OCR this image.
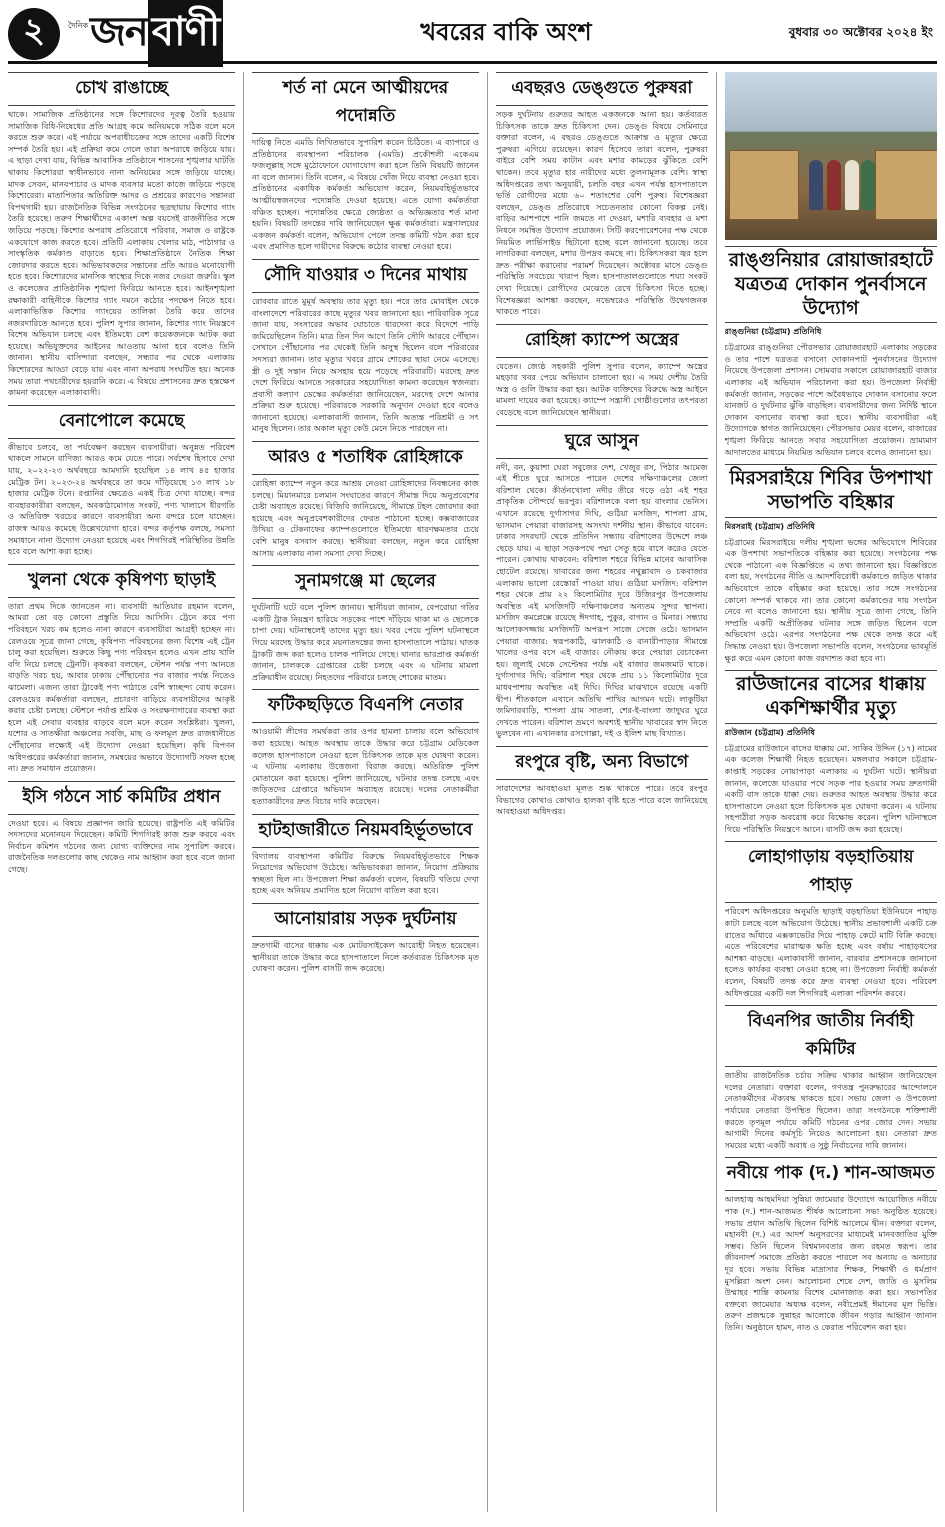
২	দৈনিক জন বাণী	খবরের বাকি অংশ	বুধবার ৩০ অক্টোবর ২০২৪ ইং
চোখ রাঙাচ্ছে
থাকে। সামাজিক প্রতিষ্ঠানের সঙ্গে কিশোরদের দূরত্ব তৈরি হওয়ায় সামাজিক বিধি-নিষেধের প্রতি আগ্রহ কমে অনিয়মকে সঠিক বলে মনে করতে শুরু করে। এই পর্যায়ে অপরাধীচক্রের সঙ্গে তাদের একটি বিশেষ সম্পর্ক তৈরি হয়। এই প্রক্রিয়া কমে গেলে তারা অপরাধে জড়িয়ে যায়। এ ছাড়া দেখা যায়, বিভিন্ন আবাসিক প্রতিষ্ঠানে শাসনের শৃঙ্খলার ঘাটতি থাকায় কিশোররা স্বাধীনভাবে নানা অনিয়মের সঙ্গে জড়িয়ে যাচ্ছে। মাদক সেবন, মানবপাচার ও মাদক ব্যবসার মতো কাজে জড়িয়ে পড়ছে কিশোরেরা। মাতাপিতার অতিরিক্ত আদর ও প্রশ্রয়ের কারণেও সন্তানরা বিপথগামী হয়। রাজনৈতিক বিভিন্ন সংগঠনের ছত্রছায়ায় কিশোর গ্যাং তৈরি হয়েছে। তরুণ শিক্ষার্থীদের একাংশ অল্প বয়সেই রাজনীতির সঙ্গে জড়িয়ে পড়ছে। কিশোর অপরাধ প্রতিরোধে পরিবার, সমাজ ও রাষ্ট্রকে একযোগে কাজ করতে হবে। প্রতিটি এলাকায় খেলার মাঠ, পাঠাগার ও সাংস্কৃতিক কর্মকাণ্ড বাড়াতে হবে। শিক্ষাপ্রতিষ্ঠানে নৈতিক শিক্ষা জোরদার করতে হবে। অভিভাবকদের সন্তানের প্রতি আরও মনোযোগী হতে হবে। কিশোরদের মানসিক স্বাস্থ্যের দিকে নজর দেওয়া জরুরি। স্কুল ও কলেজের প্রাতিষ্ঠানিক শৃঙ্খলা ফিরিয়ে আনতে হবে। আইনশৃঙ্খলা রক্ষাকারী বাহিনীকে কিশোর গ্যাং দমনে কঠোর পদক্ষেপ নিতে হবে। এলাকাভিত্তিক কিশোর গ্যাংয়ের তালিকা তৈরি করে তাদের নজরদারিতে আনতে হবে। পুলিশ সুপার জানান, কিশোর গ্যাং নিয়ন্ত্রণে বিশেষ অভিযান চলছে এবং ইতিমধ্যে বেশ কয়েকজনকে আটক করা হয়েছে। অভিযুক্তদের আইনের আওতায় আনা হবে বলেও তিনি জানান। স্থানীয় বাসিন্দারা বলছেন, সন্ধ্যার পর থেকে এলাকায় কিশোরদের আড্ডা বেড়ে যায় এবং নানা অপরাধ সংঘটিত হয়। অনেক সময় তারা পথচারীদের হয়রানি করে। এ বিষয়ে প্রশাসনের দ্রুত হস্তক্ষেপ কামনা করেছেন এলাকাবাসী।
বেনাপোলে কমেছে
কীভাবে চলবে, তা পর্যবেক্ষণ করছেন ব্যবসায়ীরা। অনুন্নত পরিবেশ থাকলে সামনে বাণিজ্য আরও কমে যেতে পারে। সর্বশেষ হিসাবে দেখা যায়, ২০২২-২৩ অর্থবছরে আমদানি হয়েছিল ১৪ লাখ ৪৫ হাজার মেট্রিক টন। ২০২৩-২৪ অর্থবছরে তা কমে দাঁড়িয়েছে ১৩ লাখ ১৮ হাজার মেট্রিক টনে। রপ্তানির ক্ষেত্রেও একই চিত্র দেখা যাচ্ছে। বন্দর ব্যবহারকারীরা বলছেন, অবকাঠামোগত সংকট, পণ্য খালাসে ধীরগতি ও অতিরিক্ত খরচের কারণে ব্যবসায়ীরা অন্য বন্দরে চলে যাচ্ছেন। রাজস্ব আয়ও কমেছে উল্লেখযোগ্য হারে। বন্দর কর্তৃপক্ষ বলছে, সমস্যা সমাধানে নানা উদ্যোগ নেওয়া হয়েছে এবং শিগগিরই পরিস্থিতির উন্নতি হবে বলে আশা করা হচ্ছে।
খুলনা থেকে কৃষিপণ্য ছাড়াই
তারা প্রথম দিকে জানতেন না। ব্যবসায়ী আতিয়ার রহমান বলেন, আমরা তো বড় কোনো প্রস্তুতি নিয়ে আসিনি। ট্রেনে করে পণ্য পরিবহনে খরচ কম হলেও নানা কারণে ব্যবসায়ীরা আগ্রহী হচ্ছেন না। রেলওয়ে সূত্রে জানা গেছে, কৃষিপণ্য পরিবহনের জন্য বিশেষ এই ট্রেন চালু করা হয়েছিল। শুরুতে কিছু পণ্য পরিবহন হলেও এখন প্রায় খালি বগি নিয়ে চলছে ট্রেনটি। কৃষকরা বলছেন, স্টেশন পর্যন্ত পণ্য আনতে বাড়তি খরচ হয়, আবার ঢাকায় পৌঁছানোর পর বাজার পর্যন্ত নিতেও ঝামেলা। এজন্য তারা ট্রাকেই পণ্য পাঠাতে বেশি স্বাচ্ছন্দ্য বোধ করেন। রেলওয়ের কর্মকর্তারা বলছেন, প্রচারণা বাড়িয়ে ব্যবসায়ীদের আকৃষ্ট করার চেষ্টা চলছে। স্টেশনে পর্যাপ্ত শ্রমিক ও সংরক্ষণাগারের ব্যবস্থা করা হলে এই সেবার ব্যবহার বাড়বে বলে মনে করেন সংশ্লিষ্টরা। খুলনা, যশোর ও সাতক্ষীরা অঞ্চলের সবজি, মাছ ও ফলমূল দ্রুত রাজধানীতে পৌঁছানোর লক্ষ্যেই এই উদ্যোগ নেওয়া হয়েছিল। কৃষি বিপণন অধিদপ্তরের কর্মকর্তারা জানান, সমন্বয়ের অভাবে উদ্যোগটি সফল হচ্ছে না। দ্রুত সমাধান প্রয়োজন।
ইসি গঠনে সার্চ কমিটির প্রধান
দেওয়া হবে। এ বিষয়ে প্রজ্ঞাপন জারি হয়েছে। রাষ্ট্রপতি এই কমিটির সদস্যদের মনোনয়ন দিয়েছেন। কমিটি শিগগিরই কাজ শুরু করবে এবং নির্বাচন কমিশন গঠনের জন্য যোগ্য ব্যক্তিদের নাম সুপারিশ করবে। রাজনৈতিক দলগুলোর কাছ থেকেও নাম আহ্বান করা হবে বলে জানা গেছে।
শর্ত না মেনে আত্মীয়দের পদোন্নতি
দায়িত্ব নিতে এমডি লিখিতভাবে সুপারিশ করেন চিঠিতে। এ ব্যাপারে ও প্রতিষ্ঠানের ব্যবস্থাপনা পরিচালক (এমডি) প্রকৌশলী একেএম ফজলুল্লাহ সঙ্গে মুঠোফোনে যোগাযোগ করা হলে তিনি বিষয়টি জানেন না বলে জানান। তিনি বলেন, এ বিষয়ে খোঁজ নিয়ে ব্যবস্থা নেওয়া হবে। প্রতিষ্ঠানের একাধিক কর্মকর্তা অভিযোগ করেন, নিয়মবহির্ভূতভাবে আত্মীয়স্বজনদের পদোন্নতি দেওয়া হয়েছে। এতে যোগ্য কর্মকর্তারা বঞ্চিত হচ্ছেন। পদোন্নতির ক্ষেত্রে জ্যেষ্ঠতা ও অভিজ্ঞতার শর্ত মানা হয়নি। বিষয়টি তদন্তের দাবি জানিয়েছেন ক্ষুব্ধ কর্মকর্তারা। মন্ত্রণালয়ের একজন কর্মকর্তা বলেন, অভিযোগ পেলে তদন্ত কমিটি গঠন করা হবে এবং প্রমাণিত হলে দায়ীদের বিরুদ্ধে কঠোর ব্যবস্থা নেওয়া হবে।
সৌদি যাওয়ার ৩ দিনের মাথায়
রোববার রাতে মুমূর্ষ অবস্থায় তার মৃত্যু হয়। পরে তার মোবাইল থেকে বাংলাদেশে পরিবারের কাছে মৃত্যুর খবর জানানো হয়। পারিবারিক সূত্রে জানা যায়, সংসারের অভাব ঘোচাতে ধারদেনা করে বিদেশে পাড়ি জমিয়েছিলেন তিনি। মাত্র তিন দিন আগে তিনি সৌদি আরবে পৌঁছান। সেখানে পৌঁছানোর পর থেকেই তিনি অসুস্থ ছিলেন বলে পরিবারের সদস্যরা জানান। তার মৃত্যুর খবরে গ্রামে শোকের ছায়া নেমে এসেছে। স্ত্রী ও দুই সন্তান নিয়ে অসহায় হয়ে পড়েছে পরিবারটি। মরদেহ দ্রুত দেশে ফিরিয়ে আনতে সরকারের সহযোগিতা কামনা করেছেন স্বজনরা। প্রবাসী কল্যাণ ডেস্কের কর্মকর্তারা জানিয়েছেন, মরদেহ দেশে আনার প্রক্রিয়া শুরু হয়েছে। পরিবারকে সরকারি অনুদান দেওয়া হবে বলেও জানানো হয়েছে। এলাকাবাসী জানান, তিনি অত্যন্ত পরিশ্রমী ও সৎ মানুষ ছিলেন। তার অকাল মৃত্যু কেউ মেনে নিতে পারছেন না।
আরও ৫ শতাধিক রোহিঙ্গাকে
রোহিঙ্গা ক্যাম্পে নতুন করে আশ্রয় নেওয়া রোহিঙ্গাদের নিবন্ধনের কাজ চলছে। মিয়ানমারে চলমান সংঘাতের কারণে সীমান্ত দিয়ে অনুপ্রবেশের চেষ্টা অব্যাহত রয়েছে। বিজিবি জানিয়েছে, সীমান্তে টহল জোরদার করা হয়েছে এবং অনুপ্রবেশকারীদের ফেরত পাঠানো হচ্ছে। কক্সবাজারের উখিয়া ও টেকনাফের ক্যাম্পগুলোতে ইতিমধ্যে ধারণক্ষমতার চেয়ে বেশি মানুষ বসবাস করছে। স্থানীয়রা বলছেন, নতুন করে রোহিঙ্গা আসায় এলাকায় নানা সমস্যা দেখা দিচ্ছে।
সুনামগঞ্জে মা ছেলের
দুর্ঘটনাটি ঘটে বলে পুলিশ জানায়। স্থানীয়রা জানান, বেপরোয়া গতির একটি ট্রাক নিয়ন্ত্রণ হারিয়ে সড়কের পাশে দাঁড়িয়ে থাকা মা ও ছেলেকে চাপা দেয়। ঘটনাস্থলেই তাদের মৃত্যু হয়। খবর পেয়ে পুলিশ ঘটনাস্থলে গিয়ে মরদেহ উদ্ধার করে ময়নাতদন্তের জন্য হাসপাতালে পাঠায়। ঘাতক ট্রাকটি জব্দ করা হলেও চালক পালিয়ে গেছে। থানার ভারপ্রাপ্ত কর্মকর্তা জানান, চালককে গ্রেপ্তারের চেষ্টা চলছে এবং এ ঘটনায় মামলা প্রক্রিয়াধীন রয়েছে। নিহতদের পরিবারে চলছে শোকের মাতম।
ফটিকছড়িতে বিএনপি নেতার
আওয়ামী লীগের সমর্থকরা তার ওপর হামলা চালায় বলে অভিযোগ করা হয়েছে। আহত অবস্থায় তাকে উদ্ধার করে চট্টগ্রাম মেডিকেল কলেজ হাসপাতালে নেওয়া হলে চিকিৎসক তাকে মৃত ঘোষণা করেন। এ ঘটনায় এলাকায় উত্তেজনা বিরাজ করছে। অতিরিক্ত পুলিশ মোতায়েন করা হয়েছে। পুলিশ জানিয়েছে, ঘটনার তদন্ত চলছে এবং জড়িতদের গ্রেপ্তারে অভিযান অব্যাহত রয়েছে। দলের নেতাকর্মীরা হত্যাকারীদের দ্রুত বিচার দাবি করেছেন।
হাটহাজারীতে নিয়মবহির্ভূতভাবে
বিদ্যালয় ব্যবস্থাপনা কমিটির বিরুদ্ধে নিয়মবহির্ভূতভাবে শিক্ষক নিয়োগের অভিযোগ উঠেছে। অভিভাবকরা জানান, নিয়োগ প্রক্রিয়ায় স্বচ্ছতা ছিল না। উপজেলা শিক্ষা কর্মকর্তা বলেন, বিষয়টি খতিয়ে দেখা হচ্ছে এবং অনিয়ম প্রমাণিত হলে নিয়োগ বাতিল করা হবে।
আনোয়ারায় সড়ক দুর্ঘটনায়
দ্রুতগামী বাসের ধাক্কায় এক মোটরসাইকেল আরোহী নিহত হয়েছেন। স্থানীয়রা তাকে উদ্ধার করে হাসপাতালে নিলে কর্তব্যরত চিকিৎসক মৃত ঘোষণা করেন। পুলিশ বাসটি জব্দ করেছে।
এবছরও ডেঙ্গুতে পুরুষরা
সড়ক দুর্ঘটনায় গুরুতর আহত একজনকে আনা হয়। কর্তব্যরত চিকিৎসক তাকে দ্রুত চিকিৎসা দেন। ডেঙ্গু বিষয়ে সেমিনারে বক্তারা বলেন, এ বছরও ডেঙ্গুতে আক্রান্ত ও মৃত্যুর ক্ষেত্রে পুরুষরা এগিয়ে রয়েছেন। কারণ হিসেবে তারা বলেন, পুরুষরা বাইরে বেশি সময় কাটান এবং মশার কামড়ের ঝুঁকিতে বেশি থাকেন। তবে মৃত্যুর হার নারীদের মধ্যে তুলনামূলক বেশি। স্বাস্থ্য অধিদপ্তরের তথ্য অনুযায়ী, চলতি বছর এখন পর্যন্ত হাসপাতালে ভর্তি রোগীদের মধ্যে ৬০ শতাংশের বেশি পুরুষ। বিশেষজ্ঞরা বলছেন, ডেঙ্গু প্রতিরোধে সচেতনতার কোনো বিকল্প নেই। বাড়ির আশপাশে পানি জমতে না দেওয়া, মশারি ব্যবহার ও মশা নিধনে সমন্বিত উদ্যোগ প্রয়োজন। সিটি করপোরেশনের পক্ষ থেকে নিয়মিত লার্ভিসাইড ছিটানো হচ্ছে বলে জানানো হয়েছে। তবে নাগরিকরা বলছেন, মশার উপদ্রব কমছে না। চিকিৎসকরা জ্বর হলে দ্রুত পরীক্ষা করানোর পরামর্শ দিয়েছেন। অক্টোবর মাসে ডেঙ্গু পরিস্থিতি সবচেয়ে খারাপ ছিল। হাসপাতালগুলোতে শয্যা সংকট দেখা দিয়েছে। রোগীদের মেঝেতে রেখে চিকিৎসা দিতে হচ্ছে। বিশেষজ্ঞরা আশঙ্কা করছেন, নভেম্বরেও পরিস্থিতি উদ্বেগজনক থাকতে পারে।
রোহিঙ্গা ক্যাম্পে অস্ত্রের
যেতেন। জ্যেষ্ঠ সহকারী পুলিশ সুপার বলেন, ক্যাম্পে অস্ত্রের মহড়ার খবর পেয়ে অভিযান চালানো হয়। এ সময় দেশীয় তৈরি অস্ত্র ও গুলি উদ্ধার করা হয়। আটক ব্যক্তিদের বিরুদ্ধে অস্ত্র আইনে মামলা দায়ের করা হয়েছে। ক্যাম্পে সন্ত্রাসী গোষ্ঠীগুলোর তৎপরতা বেড়েছে বলে জানিয়েছেন স্থানীয়রা।
ঘুরে আসুন
নদী, বন, কুয়াশা ঘেরা সবুজের দেশ, খেজুর রস, পিঠার আমেজ এই শীতে ঘুরে আসতে পারেন দেশের দক্ষিণাঞ্চলের জেলা বরিশাল থেকে। কীর্তনখোলা নদীর তীরে গড়ে ওঠা এই শহর প্রাকৃতিক সৌন্দর্যে ভরপুর। বরিশালকে বলা হয় বাংলার ভেনিস। এখানে রয়েছে দুর্গাসাগর দিঘি, গুঠিয়া মসজিদ, শাপলা গ্রাম, ভাসমান পেয়ারা বাজারসহ অসংখ্য দর্শনীয় স্থান। কীভাবে যাবেন: ঢাকার সদরঘাট থেকে প্রতিদিন সন্ধ্যায় বরিশালের উদ্দেশে লঞ্চ ছেড়ে যায়। এ ছাড়া সড়কপথে পদ্মা সেতু হয়ে বাসে করেও যেতে পারেন। কোথায় থাকবেন: বরিশাল শহরে বিভিন্ন মানের আবাসিক হোটেল রয়েছে। খাবারের জন্য শহরের নথুল্লাবাদ ও চকবাজার এলাকায় ভালো রেস্তোরাঁ পাওয়া যায়। গুঠিয়া মসজিদ: বরিশাল শহর থেকে প্রায় ২২ কিলোমিটার দূরে উজিরপুর উপজেলায় অবস্থিত এই মসজিদটি দক্ষিণাঞ্চলের অন্যতম সুন্দর স্থাপনা। মসজিদ কমপ্লেক্সে রয়েছে ঈদগাহ, পুকুর, বাগান ও মিনার। সন্ধ্যায় আলোকসজ্জায় মসজিদটি অপরূপ সাজে সেজে ওঠে। ভাসমান পেয়ারা বাজার: স্বরূপকাঠি, ঝালকাঠি ও বানারীপাড়ার সীমান্তে খালের ওপর বসে এই বাজার। নৌকায় করে পেয়ারা বেচাকেনা হয়। জুলাই থেকে সেপ্টেম্বর পর্যন্ত এই বাজার জমজমাট থাকে। দুর্গাসাগর দিঘি: বরিশাল শহর থেকে প্রায় ১১ কিলোমিটার দূরে মাধবপাশায় অবস্থিত এই দিঘি। দিঘির মাঝখানে রয়েছে একটি দ্বীপ। শীতকালে এখানে অতিথি পাখির আগমন ঘটে। লাকুটিয়া জমিদারবাড়ি, শাপলা গ্রাম সাতলা, শের-ই-বাংলা জাদুঘর ঘুরে দেখতে পারেন। বরিশাল ভ্রমণে অবশ্যই স্থানীয় খাবারের স্বাদ নিতে ভুলবেন না। এখানকার রসগোল্লা, দই ও ইলিশ মাছ বিখ্যাত।
রংপুরে বৃষ্টি, অন্য বিভাগে
সারাদেশের আবহাওয়া মূলত শুষ্ক থাকতে পারে। তবে রংপুর বিভাগের কোথাও কোথাও হালকা বৃষ্টি হতে পারে বলে জানিয়েছে আবহাওয়া অধিদপ্তর।
রাঙ্গুনিয়ার রোয়াজারহাটে যত্রতত্র দোকান পুনর্বাসনে উদ্যোগ
রাঙ্গুনিয়া (চট্টগ্রাম) প্রতিনিধি
চট্টগ্রামের রাঙ্গুনিয়া পৌরসভার রোয়াজারহাট এলাকায় সড়কের ও তার পাশে যত্রতত্র বসানো দোকানপাট পুনর্বাসনের উদ্যোগ নিয়েছে উপজেলা প্রশাসন। সোমবার সকালে রোয়াজারহাট বাজার এলাকায় এই অভিযান পরিচালনা করা হয়। উপজেলা নির্বাহী কর্মকর্তা জানান, সড়কের পাশে অবৈধভাবে দোকান বসানোর ফলে যানজট ও দুর্ঘটনার ঝুঁকি বাড়ছিল। ব্যবসায়ীদের জন্য নির্দিষ্ট স্থানে দোকান বসানোর ব্যবস্থা করা হবে। স্থানীয় ব্যবসায়ীরা এই উদ্যোগকে স্বাগত জানিয়েছেন। পৌরসভার মেয়র বলেন, বাজারের শৃঙ্খলা ফিরিয়ে আনতে সবার সহযোগিতা প্রয়োজন। ভ্রাম্যমাণ আদালতের মাধ্যমে নিয়মিত অভিযান চলবে বলেও জানানো হয়।
মিরসরাইয়ে শিবির উপশাখা সভাপতি বহিষ্কার
মিরসরাই (চট্টগ্রাম) প্রতিনিধি
চট্টগ্রামের মিরসরাইয়ে দলীয় শৃঙ্খলা ভঙ্গের অভিযোগে শিবিরের এক উপশাখা সভাপতিকে বহিষ্কার করা হয়েছে। সংগঠনের পক্ষ থেকে পাঠানো এক বিজ্ঞপ্তিতে এ তথ্য জানানো হয়। বিজ্ঞপ্তিতে বলা হয়, সংগঠনের নীতি ও আদর্শবিরোধী কর্মকাণ্ডে জড়িত থাকার অভিযোগে তাকে বহিষ্কার করা হয়েছে। তার সঙ্গে সংগঠনের কোনো সম্পর্ক থাকবে না। তার কোনো কর্মকাণ্ডের দায় সংগঠন নেবে না বলেও জানানো হয়। স্থানীয় সূত্রে জানা গেছে, তিনি সম্প্রতি একটি অপ্রীতিকর ঘটনার সঙ্গে জড়িত ছিলেন বলে অভিযোগ ওঠে। এরপর সংগঠনের পক্ষ থেকে তদন্ত করে এই সিদ্ধান্ত নেওয়া হয়। উপজেলা সভাপতি বলেন, সংগঠনের ভাবমূর্তি ক্ষুণ্ণ করে এমন কোনো কাজ বরদাশত করা হবে না।
রাউজানের বাসের ধাক্কায় একশিক্ষার্থীর মৃত্যু
রাউজান (চট্টগ্রাম) প্রতিনিধি
চট্টগ্রামের রাউজানে বাসের ধাক্কায় মো. সাকিব উদ্দিন (১৭) নামের এক কলেজ শিক্ষার্থী নিহত হয়েছেন। মঙ্গলবার সকালে চট্টগ্রাম-কাপ্তাই সড়কের নোয়াপাড়া এলাকায় এ দুর্ঘটনা ঘটে। স্থানীয়রা জানান, কলেজে যাওয়ার পথে সড়ক পার হওয়ার সময় দ্রুতগামী একটি বাস তাকে ধাক্কা দেয়। গুরুতর আহত অবস্থায় উদ্ধার করে হাসপাতালে নেওয়া হলে চিকিৎসক মৃত ঘোষণা করেন। এ ঘটনায় সহপাঠীরা সড়ক অবরোধ করে বিক্ষোভ করেন। পুলিশ ঘটনাস্থলে গিয়ে পরিস্থিতি নিয়ন্ত্রণে আনে। বাসটি জব্দ করা হয়েছে।
লোহাগাড়ায় বড়হাতিয়ায় পাহাড়
পরিবেশ অধিদপ্তরের অনুমতি ছাড়াই বড়হাতিয়া ইউনিয়নে পাহাড় কাটা চলছে বলে অভিযোগ উঠেছে। স্থানীয় প্রভাবশালী একটি চক্র রাতের আঁধারে এক্সকাভেটর দিয়ে পাহাড় কেটে মাটি বিক্রি করছে। এতে পরিবেশের মারাত্মক ক্ষতি হচ্ছে এবং বর্ষায় পাহাড়ধসের আশঙ্কা বাড়ছে। এলাকাবাসী জানান, বারবার প্রশাসনকে জানানো হলেও কার্যকর ব্যবস্থা নেওয়া হচ্ছে না। উপজেলা নির্বাহী কর্মকর্তা বলেন, বিষয়টি তদন্ত করে দ্রুত ব্যবস্থা নেওয়া হবে। পরিবেশ অধিদপ্তরের একটি দল শিগগিরই এলাকা পরিদর্শন করবে।
বিএনপির জাতীয় নির্বাহী কমিটির
জাতীয় রাজনৈতিক চর্চায় সক্রিয় থাকার আহ্বান জানিয়েছেন দলের নেতারা। বক্তারা বলেন, গণতন্ত্র পুনরুদ্ধারের আন্দোলনে নেতাকর্মীদের ঐক্যবদ্ধ থাকতে হবে। সভায় জেলা ও উপজেলা পর্যায়ের নেতারা উপস্থিত ছিলেন। তারা সংগঠনকে শক্তিশালী করতে তৃণমূল পর্যায়ে কমিটি গঠনের ওপর জোর দেন। সভায় আগামী দিনের কর্মসূচি নিয়েও আলোচনা হয়। নেতারা দ্রুত সময়ের মধ্যে একটি অবাধ ও সুষ্ঠু নির্বাচনের দাবি জানান।
নবীয়ে পাক (দ.) শান-আজমত
আলহাজ্ব আহমদিয়া সুন্নিয়া জামেয়ার উদ্যোগে আয়োজিত নবীয়ে পাক (দ.) শান-আজমত শীর্ষক আলোচনা সভা অনুষ্ঠিত হয়েছে। সভায় প্রধান অতিথি ছিলেন বিশিষ্ট আলেমে দ্বীন। বক্তারা বলেন, মহানবী (দ.) এর আদর্শ অনুসরণের মাধ্যমেই মানবজাতির মুক্তি সম্ভব। তিনি ছিলেন বিশ্বমানবতার জন্য রহমত স্বরূপ। তার জীবনাদর্শ সমাজে প্রতিষ্ঠা করতে পারলে সব অন্যায় ও অনাচার দূর হবে। সভায় বিভিন্ন মাদ্রাসার শিক্ষক, শিক্ষার্থী ও ধর্মপ্রাণ মুসল্লিরা অংশ নেন। আলোচনা শেষে দেশ, জাতি ও মুসলিম উম্মাহর শান্তি কামনায় বিশেষ মোনাজাত করা হয়। সভাপতির বক্তব্যে জামেয়ার অধ্যক্ষ বলেন, নবীপ্রেমই ঈমানের মূল ভিত্তি। তরুণ প্রজন্মকে সুন্নাহর আলোকে জীবন গড়ার আহ্বান জানান তিনি। অনুষ্ঠানে হামদ, নাত ও কেরাত পরিবেশন করা হয়।
